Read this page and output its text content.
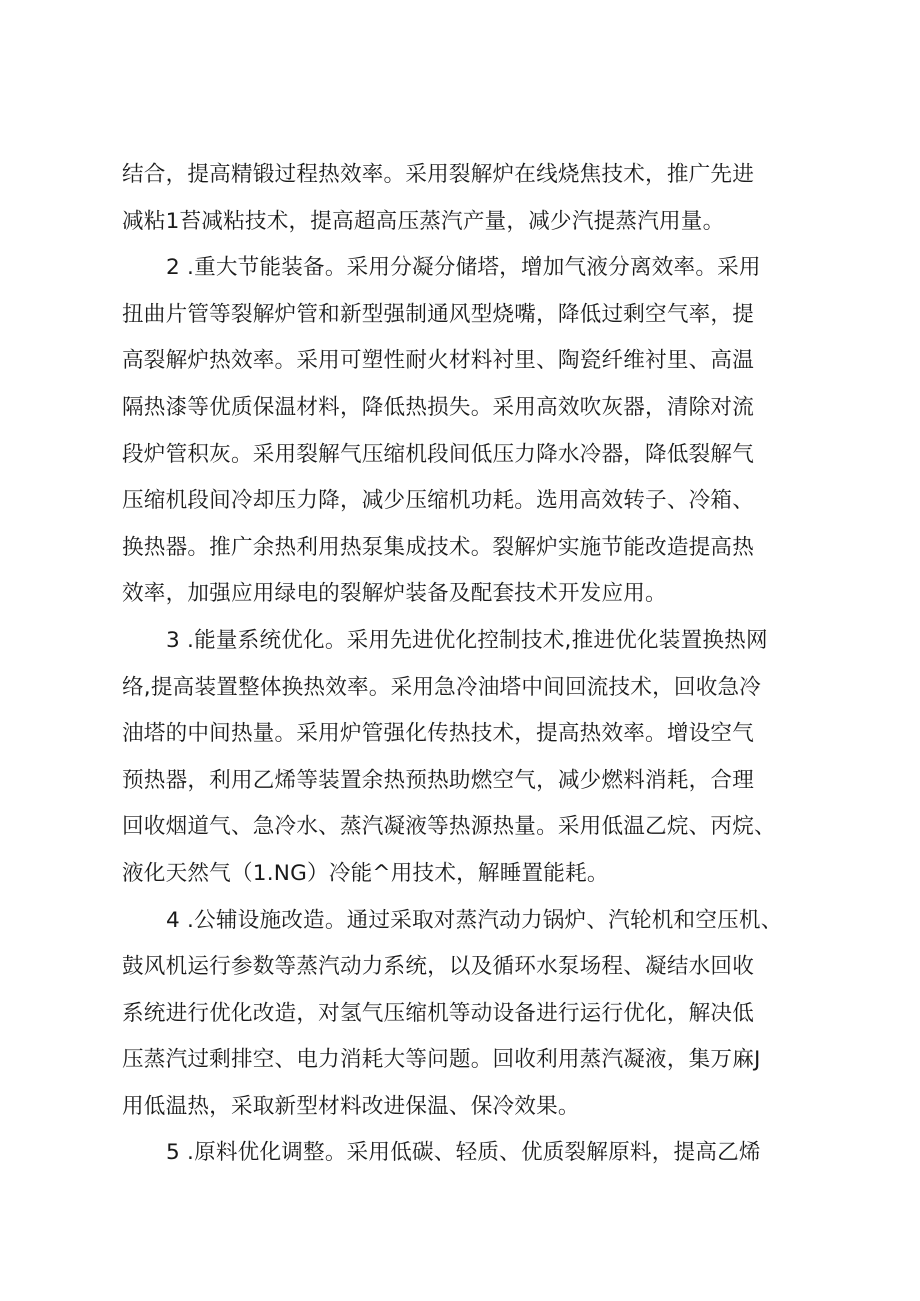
结合，提高精锻过程热效率。采用裂解炉在线烧焦技术，推广先进
减粘1苔减粘技术，提高超高压蒸汽产量，减少汽提蒸汽用量。
2 .重大节能装备。采用分凝分储塔，增加气液分离效率。采用
扭曲片管等裂解炉管和新型强制通风型烧嘴，降低过剩空气率，提
高裂解炉热效率。采用可塑性耐火材料衬里、陶瓷纤维衬里、高温
隔热漆等优质保温材料，降低热损失。采用高效吹灰器，清除对流
段炉管积灰。采用裂解气压缩机段间低压力降水冷器，降低裂解气
压缩机段间冷却压力降，减少压缩机功耗。选用高效转子、冷箱、
换热器。推广余热利用热泵集成技术。裂解炉实施节能改造提高热
效率，加强应用绿电的裂解炉装备及配套技术开发应用。
3 .能量系统优化。采用先进优化控制技术,推进优化装置换热网
络,提高装置整体换热效率。采用急冷油塔中间回流技术，回收急冷
油塔的中间热量。采用炉管强化传热技术，提高热效率。增设空气
预热器，利用乙烯等装置余热预热助燃空气，减少燃料消耗，合理
回收烟道气、急冷水、蒸汽凝液等热源热量。采用低温乙烷、丙烷、
液化天然气（1.NG）冷能^用技术，解睡置能耗。
4 .公辅设施改造。通过采取对蒸汽动力锅炉、汽轮机和空压机、
鼓风机运行参数等蒸汽动力系统，以及循环水泵场程、凝结水回收
系统进行优化改造，对氢气压缩机等动设备进行运行优化，解决低
压蒸汽过剩排空、电力消耗大等问题。回收利用蒸汽凝液，集万麻J
用低温热，采取新型材料改进保温、保冷效果。
5 .原料优化调整。采用低碳、轻质、优质裂解原料，提高乙烯
